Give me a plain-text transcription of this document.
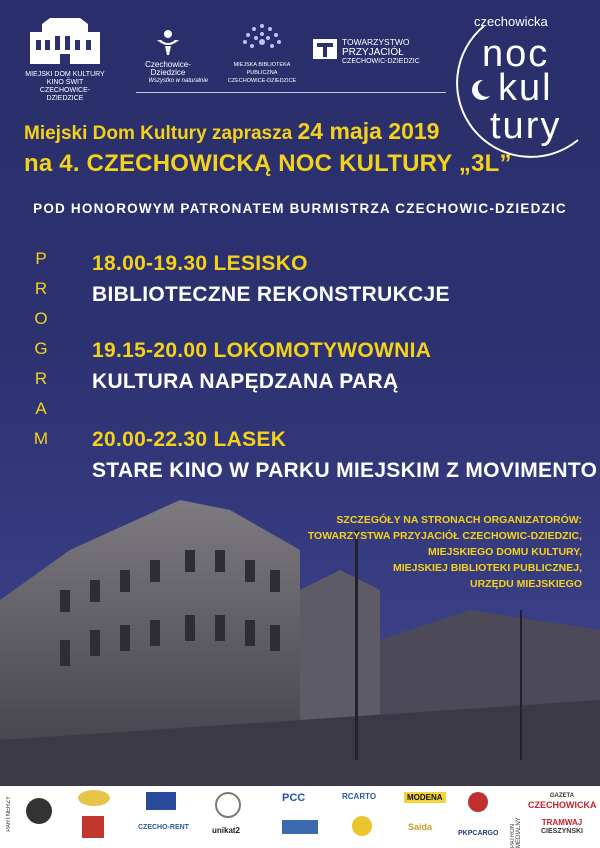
MIEJSKI DOM KULTURY
KINO ŚWIT
CZECHOWICE-DZIEDZICE
Czechowice-Dziedzice
Wszystko w naturalnie
MIEJSKA BIBLIOTEKA PUBLICZNA
CZECHOWICE-DZIEDZICE
TOWARZYSTWO
PRZYJACIÓŁ
CZECHOWIC-DZIEDZIC
czechowicka
noc
kul
tury
Miejski Dom Kultury zaprasza 24 maja 2019
na 4. CZECHOWICKĄ NOC KULTURY „3L”
POD HONOROWYM PATRONATEM BURMISTRZA CZECHOWIC-DZIEDZIC
P
R
O
G
R
A
M
18.00-19.30 LESISKO
BIBLIOTECZNE REKONSTRUKCJE
19.15-20.00 LOKOMOTYWOWNIA
KULTURA NAPĘDZANA PARĄ
20.00-22.30 LASEK
STARE KINO W PARKU MIEJSKIM Z MOVIMENTO
SZCZEGÓŁY NA STRONACH ORGANIZATORÓW:
TOWARZYSTWA PRZYJACIÓŁ CZECHOWIC-DZIEDZIC,
MIEJSKIEGO DOMU KULTURY,
MIEJSKIEJ BIBLIOTEKI PUBLICZNEJ,
URZĘDU MIEJSKIEGO
PARTNERZY	PCC	RCARTO	MODENA
CZECHO-RENT	unikat2	Saida
PKPCARGO PATRON MEDIALNY
GAZETA
CZECHOWICKA
TRAMWAJ
CIESZYŃSKI
